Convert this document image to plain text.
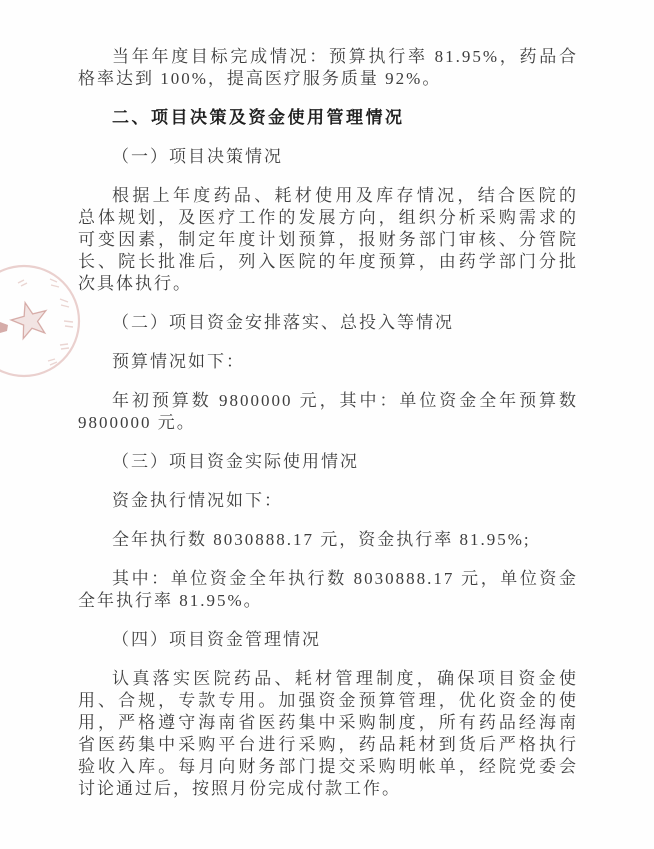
当年年度目标完成情况：预算执行率 81.95%，药品合
格率达到 100%，提高医疗服务质量 92%。
二、项目决策及资金使用管理情况
（一）项目决策情况
根据上年度药品、耗材使用及库存情况，结合医院的
总体规划，及医疗工作的发展方向，组织分析采购需求的
可变因素，制定年度计划预算，报财务部门审核、分管院
长、院长批准后，列入医院的年度预算，由药学部门分批
次具体执行。
（二）项目资金安排落实、总投入等情况
预算情况如下：
年初预算数 9800000 元，其中：单位资金全年预算数
9800000 元。
（三）项目资金实际使用情况
资金执行情况如下：
全年执行数 8030888.17 元，资金执行率 81.95%;
其中：单位资金全年执行数 8030888.17 元，单位资金
全年执行率 81.95%。
（四）项目资金管理情况
认真落实医院药品、耗材管理制度，确保项目资金使
用、合规，专款专用。加强资金预算管理，优化资金的使
用，严格遵守海南省医药集中采购制度，所有药品经海南
省医药集中采购平台进行采购，药品耗材到货后严格执行
验收入库。每月向财务部门提交采购明帐单，经院党委会
讨论通过后，按照月份完成付款工作。
